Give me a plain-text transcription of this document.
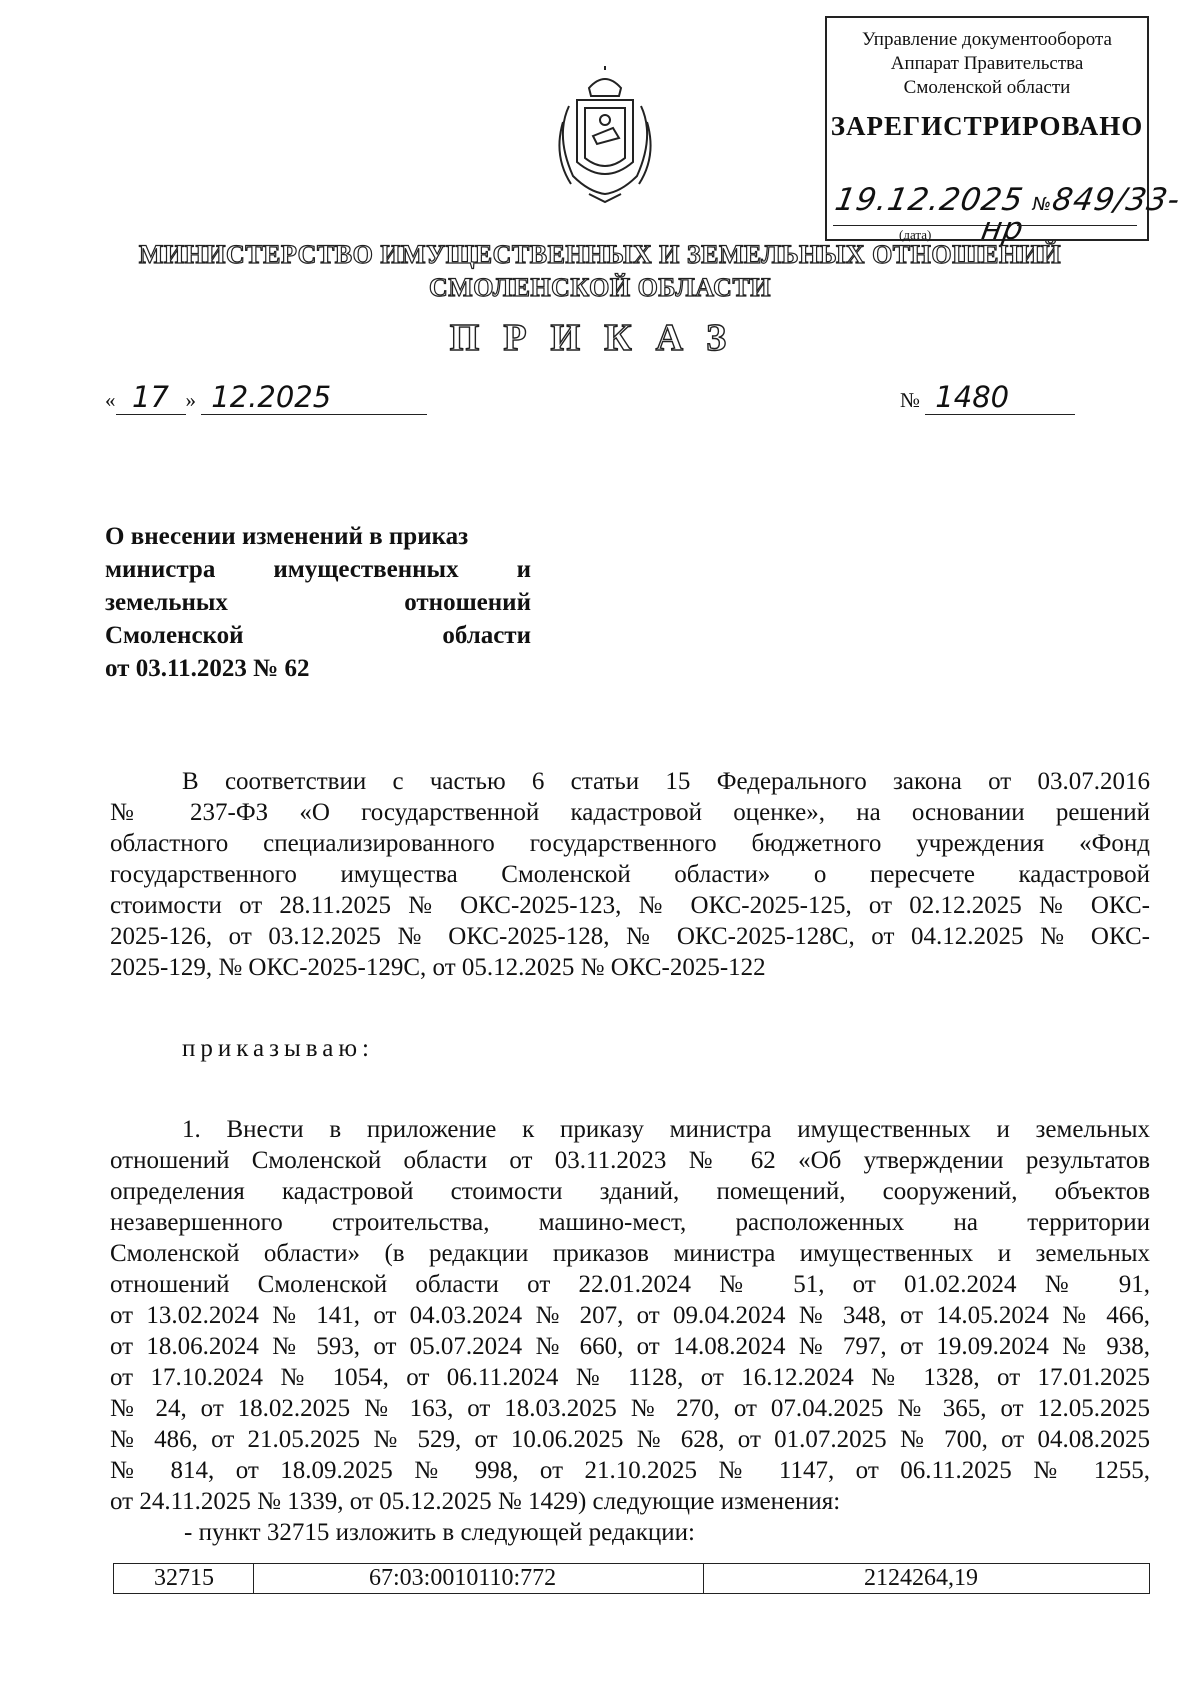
Управление документооборота
Аппарат Правительства
Смоленской области
ЗАРЕГИСТРИРОВАНО
19.12.2025 №849/33-нр
(дата)
МИНИСТЕРСТВО ИМУЩЕСТВЕННЫХ И ЗЕМЕЛЬНЫХ ОТНОШЕНИЙ
СМОЛЕНСКОЙ ОБЛАСТИ
ПРИКАЗ
« 17 » 12.2025	№ 1480
О внесении изменений в приказ
министра имущественных и
земельных	отношений
Смоленской	области
от 03.11.2023 № 62
В соответствии с частью 6 статьи 15 Федерального закона от 03.07.2016
№ 237-ФЗ «О государственной кадастровой оценке», на основании решений
областного специализированного государственного бюджетного учреждения «Фонд
государственного имущества Смоленской области» о пересчете кадастровой
стоимости от 28.11.2025 № ОКС-2025-123, № ОКС-2025-125, от 02.12.2025 № ОКС-
2025-126, от 03.12.2025 № ОКС-2025-128, № ОКС-2025-128С, от 04.12.2025 № ОКС-
2025-129, № ОКС-2025-129С, от 05.12.2025 № ОКС-2025-122
приказываю:
1. Внести в приложение к приказу министра имущественных и земельных
отношений Смоленской области от 03.11.2023 № 62 «Об утверждении результатов
определения кадастровой стоимости зданий, помещений, сооружений, объектов
незавершенного строительства, машино-мест, расположенных на территории
Смоленской области» (в редакции приказов министра имущественных и земельных
отношений Смоленской области от 22.01.2024 № 51, от 01.02.2024 № 91,
от 13.02.2024 № 141, от 04.03.2024 № 207, от 09.04.2024 № 348, от 14.05.2024 № 466,
от 18.06.2024 № 593, от 05.07.2024 № 660, от 14.08.2024 № 797, от 19.09.2024 № 938,
от 17.10.2024 № 1054, от 06.11.2024 № 1128, от 16.12.2024 № 1328, от 17.01.2025
№ 24, от 18.02.2025 № 163, от 18.03.2025 № 270, от 07.04.2025 № 365, от 12.05.2025
№ 486, от 21.05.2025 № 529, от 10.06.2025 № 628, от 01.07.2025 № 700, от 04.08.2025
№ 814, от 18.09.2025 № 998, от 21.10.2025 № 1147, от 06.11.2025 № 1255,
от 24.11.2025 № 1339, от 05.12.2025 № 1429) следующие изменения:
- пункт 32715 изложить в следующей редакции:
32715	67:03:0010110:772	2124264,19
